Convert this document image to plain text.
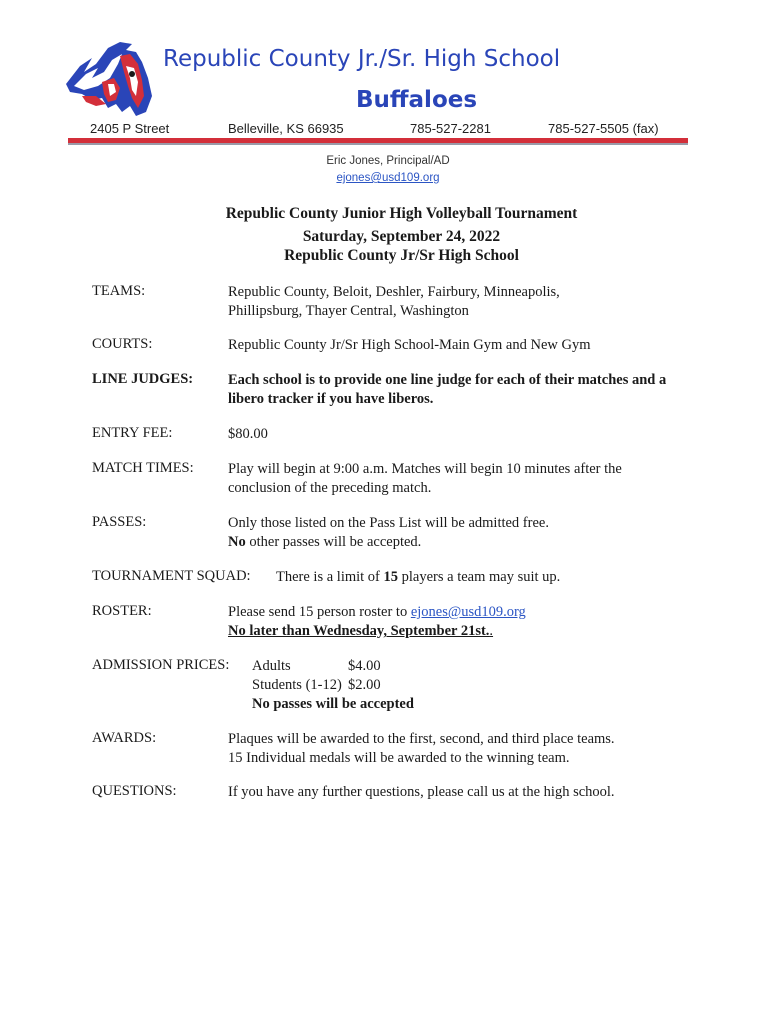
Republic County Jr./Sr. High School
Buffaloes
2405 P Street	Belleville, KS 66935	785-527-2281	785-527-5505 (fax)
Eric Jones, Principal/AD
ejones@usd109.org
Republic County Junior High Volleyball Tournament
Saturday, September 24, 2022
Republic County Jr/Sr High School
TEAMS:	Republic County, Beloit, Deshler, Fairbury, Minneapolis,
Phillipsburg, Thayer Central, Washington
COURTS:	Republic County Jr/Sr High School-Main Gym and New Gym
LINE JUDGES: Each school is to provide one line judge for each of their matches and a
libero tracker if you have liberos.
ENTRY FEE:	$80.00
MATCH TIMES: Play will begin at 9:00 a.m. Matches will begin 10 minutes after the
conclusion of the preceding match.
PASSES:	Only those listed on the Pass List will be admitted free.
No other passes will be accepted.
TOURNAMENT SQUAD: There is a limit of 15 players a team may suit up.
ROSTER:	Please send 15 person roster to ejones@usd109.org
No later than Wednesday, September 21st..
ADMISSION PRICES: Adults	$4.00
Students (1-12) $2.00
No passes will be accepted
AWARDS:	Plaques will be awarded to the first, second, and third place teams.
15 Individual medals will be awarded to the winning team.
QUESTIONS:	If you have any further questions, please call us at the high school.
